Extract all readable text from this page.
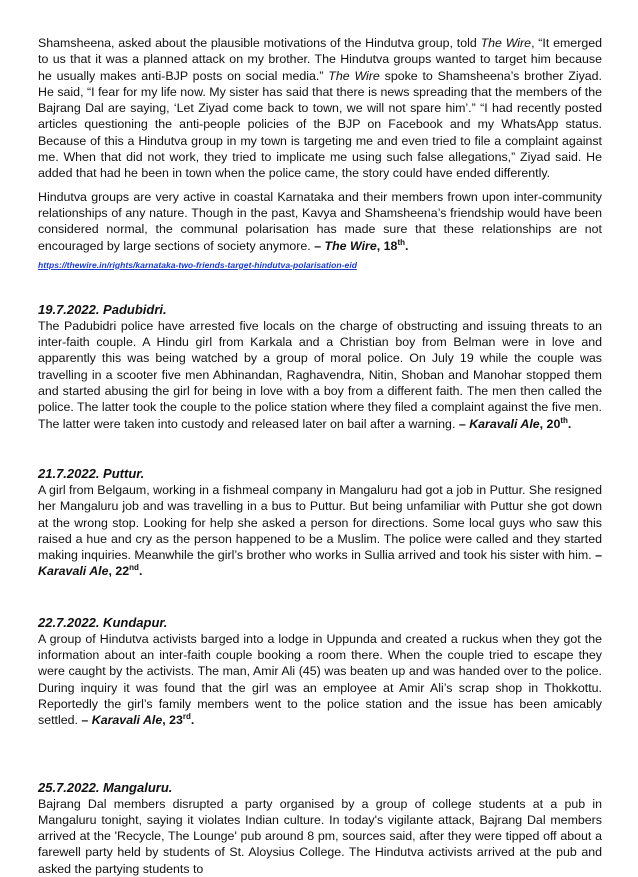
Shamsheena, asked about the plausible motivations of the Hindutva group, told The Wire, “It emerged to us that it was a planned attack on my brother. The Hindutva groups wanted to target him because he usually makes anti-BJP posts on social media.” The Wire spoke to Shamsheena’s brother Ziyad. He said, “I fear for my life now. My sister has said that there is news spreading that the members of the Bajrang Dal are saying, ‘Let Ziyad come back to town, we will not spare him’.” “I had recently posted articles questioning the anti-people policies of the BJP on Facebook and my WhatsApp status. Because of this a Hindutva group in my town is targeting me and even tried to file a complaint against me. When that did not work, they tried to implicate me using such false allegations,” Ziyad said. He added that had he been in town when the police came, the story could have ended differently.

Hindutva groups are very active in coastal Karnataka and their members frown upon inter-community relationships of any nature. Though in the past, Kavya and Shamsheena’s friendship would have been considered normal, the communal polarisation has made sure that these relationships are not encouraged by large sections of society anymore. – The Wire, 18th.

https://thewire.in/rights/karnataka-two-friends-target-hindutva-polarisation-eid
19.7.2022. Padubidri.

The Padubidri police have arrested five locals on the charge of obstructing and issuing threats to an inter-faith couple. A Hindu girl from Karkala and a Christian boy from Belman were in love and apparently this was being watched by a group of moral police. On July 19 while the couple was travelling in a scooter five men Abhinandan, Raghavendra, Nitin, Shoban and Manohar stopped them and started abusing the girl for being in love with a boy from a different faith. The men then called the police. The latter took the couple to the police station where they filed a complaint against the five men. The latter were taken into custody and released later on bail after a warning. – Karavali Ale, 20th.

21.7.2022. Puttur.

A girl from Belgaum, working in a fishmeal company in Mangaluru had got a job in Puttur. She resigned her Mangaluru job and was travelling in a bus to Puttur. But being unfamiliar with Puttur she got down at the wrong stop. Looking for help she asked a person for directions. Some local guys who saw this raised a hue and cry as the person happened to be a Muslim. The police were called and they started making inquiries. Meanwhile the girl’s brother who works in Sullia arrived and took his sister with him. – Karavali Ale, 22nd.

22.7.2022. Kundapur.

A group of Hindutva activists barged into a lodge in Uppunda and created a ruckus when they got the information about an inter-faith couple booking a room there. When the couple tried to escape they were caught by the activists. The man, Amir Ali (45) was beaten up and was handed over to the police. During inquiry it was found that the girl was an employee at Amir Ali’s scrap shop in Thokkottu. Reportedly the girl’s family members went to the police station and the issue has been amicably settled. – Karavali Ale, 23rd.

25.7.2022. Mangaluru.

Bajrang Dal members disrupted a party organised by a group of college students at a pub in Mangaluru tonight, saying it violates Indian culture. In today's vigilante attack, Bajrang Dal members arrived at the 'Recycle, The Lounge' pub around 8 pm, sources said, after they were tipped off about a farewell party held by students of St. Aloysius College. The Hindutva activists arrived at the pub and asked the partying students to
